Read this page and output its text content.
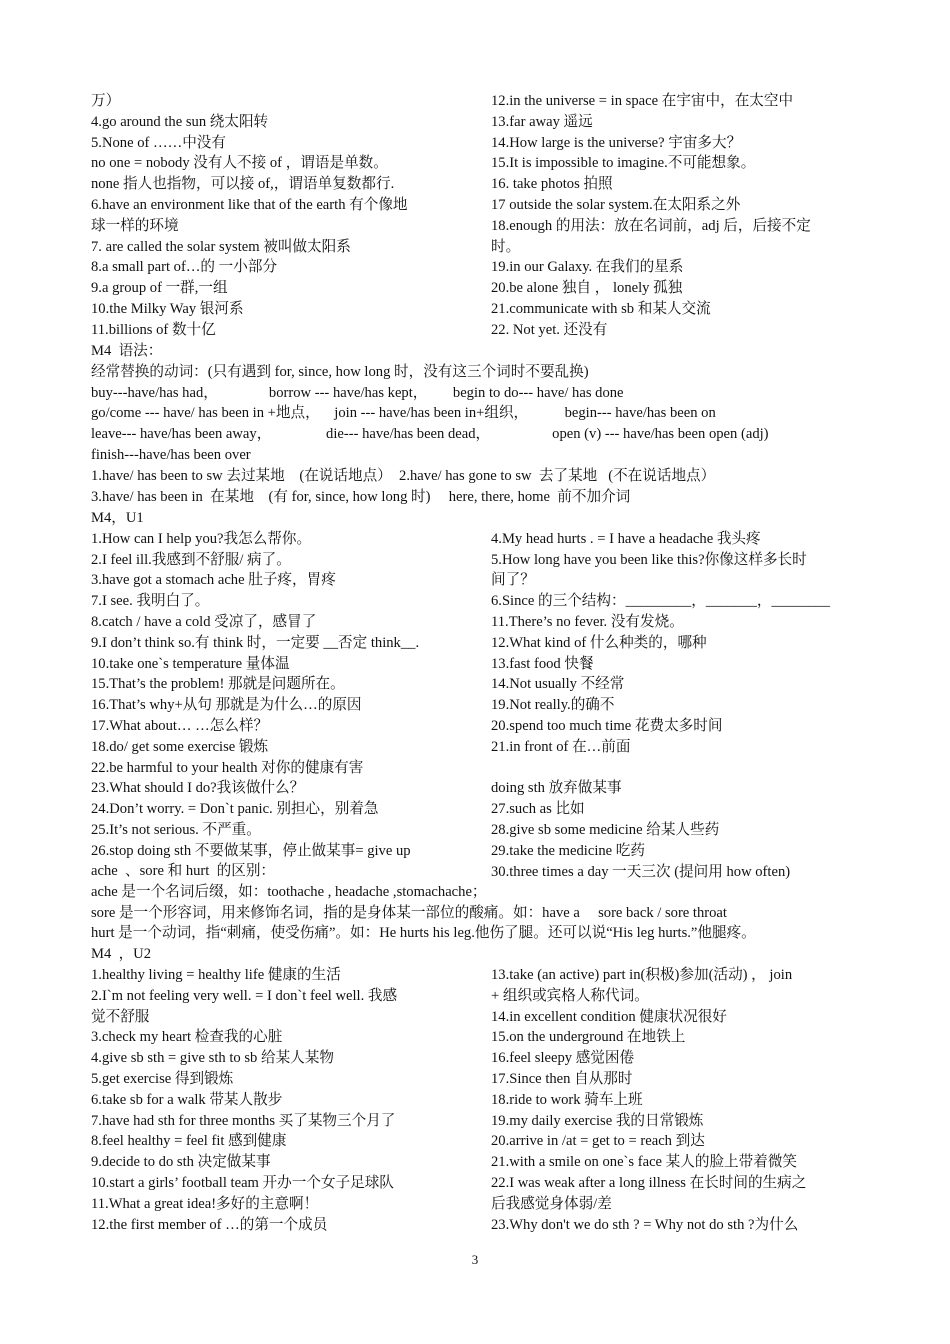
万）
4.go around the sun 绕太阳转
5.None of ……中没有
no one = nobody 没有人不接 of ，谓语是单数。
none 指人也指物，可以接 of,，谓语单复数都行.
6.have an environment like that of the earth 有个像地
球一样的环境
7. are called the solar system 被叫做太阳系
8.a small part of…的 一小部分
9.a group of 一群,一组
10.the Milky Way 银河系
11.billions of 数十亿
12.in the universe = in space 在宇宙中，在太空中
13.far away 遥远
14.How large is the universe? 宇宙多大？
15.It is impossible to imagine.不可能想象。
16. take photos 拍照
17 outside the solar system.在太阳系之外
18.enough 的用法：放在名词前，adj 后，后接不定
时。
19.in our Galaxy. 在我们的星系
20.be alone 独自 ， lonely 孤独
21.communicate with sb 和某人交流
22. Not yet. 还没有
M4  语法：
经常替换的动词：(只有遇到 for, since, how long 时，没有这三个词时不要乱换)
buy---have/has had，              borrow --- have/has kept，       begin to do--- have/ has done
go/come --- have/ has been in +地点，    join --- have/has been in+组织，          begin--- have/has been on
leave--- have/has been away，               die--- have/has been dead，                 open (v) --- have/has been open (adj)
finish---have/has been over
1.have/ has been to sw 去过某地    (在说话地点）  2.have/ has gone to sw  去了某地   (不在说话地点）
3.have/ has been in  在某地    (有 for, since, how long 时)     here, there, home  前不加介词
M4，U1
1.How can I help you?我怎么帮你。
2.I feel ill.我感到不舒服/ 病了。
3.have got a stomach ache 肚子疼，胃疼
7.I see. 我明白了。
8.catch / have a cold 受凉了，感冒了
9.I don’t think so.有 think 时，一定要 __否定 think__.
10.take one`s temperature 量体温
15.That’s the problem! 那就是问题所在。
16.That’s why+从句 那就是为什么…的原因
17.What about… …怎么样？
18.do/ get some exercise 锻炼
22.be harmful to your health 对你的健康有害
23.What should I do?我该做什么？
24.Don’t worry. = Don`t panic. 别担心，别着急
25.It’s not serious. 不严重。
26.stop doing sth 不要做某事，停止做某事= give up
4.My head hurts . = I have a headache 我头疼
5.How long have you been like this?你像这样多长时
间了？
6.Since 的三个结构：_________，_______，________
11.There’s no fever. 没有发烧。
12.What kind of 什么种类的，哪种
13.fast food 快餐
14.Not usually 不经常
19.Not really.的确不
20.spend too much time 花费太多时间
21.in front of 在…前面
doing sth 放弃做某事
27.such as 比如
28.give sb some medicine 给某人些药
29.take the medicine 吃药
30.three times a day 一天三次 (提问用 how often)
ache  、sore 和 hurt  的区别：
ache 是一个名词后缀，如：toothache , headache ,stomachache；
sore 是一个形容词，用来修饰名词，指的是身体某一部位的酸痛。如：have a     sore back / sore throat
hurt 是一个动词，指“刺痛，使受伤痛”。如：He hurts his leg.他伤了腿。还可以说“His leg hurts.”他腿疼。
M4  ，U2
1.healthy living = healthy life 健康的生活
2.I`m not feeling very well. = I don`t feel well. 我感
觉不舒服
3.check my heart 检查我的心脏
4.give sb sth = give sth to sb 给某人某物
5.get exercise 得到锻炼
6.take sb for a walk 带某人散步
7.have had sth for three months 买了某物三个月了
8.feel healthy = feel fit 感到健康
9.decide to do sth 决定做某事
10.start a girls’ football team 开办一个女子足球队
11.What a great idea!多好的主意啊！
12.the first member of …的第一个成员
13.take (an active) part in(积极)参加(活动) ， join
+ 组织或宾格人称代词。
14.in excellent condition 健康状况很好
15.on the underground 在地铁上
16.feel sleepy 感觉困倦
17.Since then 自从那时
18.ride to work 骑车上班
19.my daily exercise 我的日常锻炼
20.arrive in /at = get to = reach 到达
21.with a smile on one`s face 某人的脸上带着微笑
22.I was weak after a long illness 在长时间的生病之
后我感觉身体弱/差
23.Why don't we do sth ? = Why not do sth ?为什么
3
